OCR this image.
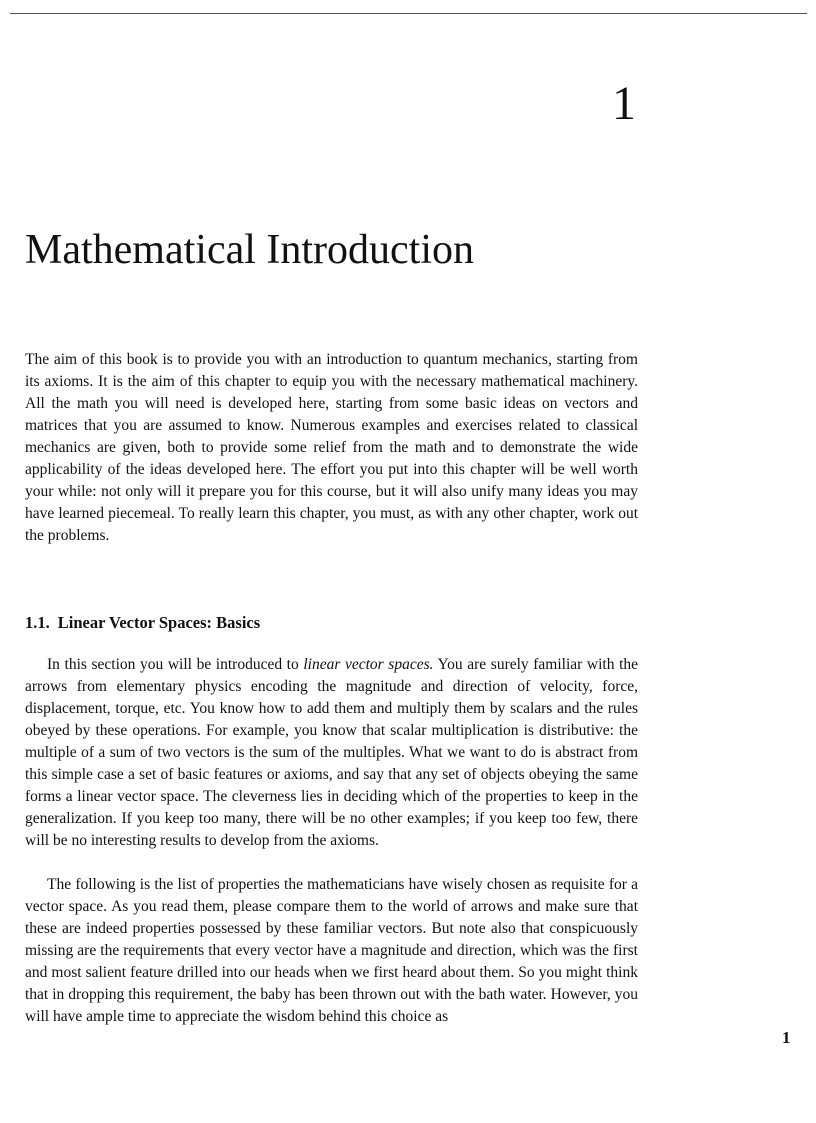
1
Mathematical Introduction

The aim of this book is to provide you with an introduction to quantum mechanics, starting from its axioms. It is the aim of this chapter to equip you with the necessary mathematical machinery. All the math you will need is developed here, starting from some basic ideas on vectors and matrices that you are assumed to know. Numerous examples and exercises related to classical mechanics are given, both to provide some relief from the math and to demonstrate the wide applicability of the ideas developed here. The effort you put into this chapter will be well worth your while: not only will it prepare you for this course, but it will also unify many ideas you may have learned piecemeal. To really learn this chapter, you must, as with any other chapter, work out the problems.

1.1. Linear Vector Spaces: Basics

In this section you will be introduced to linear vector spaces. You are surely familiar with the arrows from elementary physics encoding the magnitude and direction of velocity, force, displacement, torque, etc. You know how to add them and multiply them by scalars and the rules obeyed by these operations. For example, you know that scalar multiplication is distributive: the multiple of a sum of two vectors is the sum of the multiples. What we want to do is abstract from this simple case a set of basic features or axioms, and say that any set of objects obeying the same forms a linear vector space. The cleverness lies in deciding which of the properties to keep in the generalization. If you keep too many, there will be no other examples; if you keep too few, there will be no interesting results to develop from the axioms.

The following is the list of properties the mathematicians have wisely chosen as requisite for a vector space. As you read them, please compare them to the world of arrows and make sure that these are indeed properties possessed by these familiar vectors. But note also that conspicuously missing are the requirements that every vector have a magnitude and direction, which was the first and most salient feature drilled into our heads when we first heard about them. So you might think that in dropping this requirement, the baby has been thrown out with the bath water. However, you will have ample time to appreciate the wisdom behind this choice as

1
